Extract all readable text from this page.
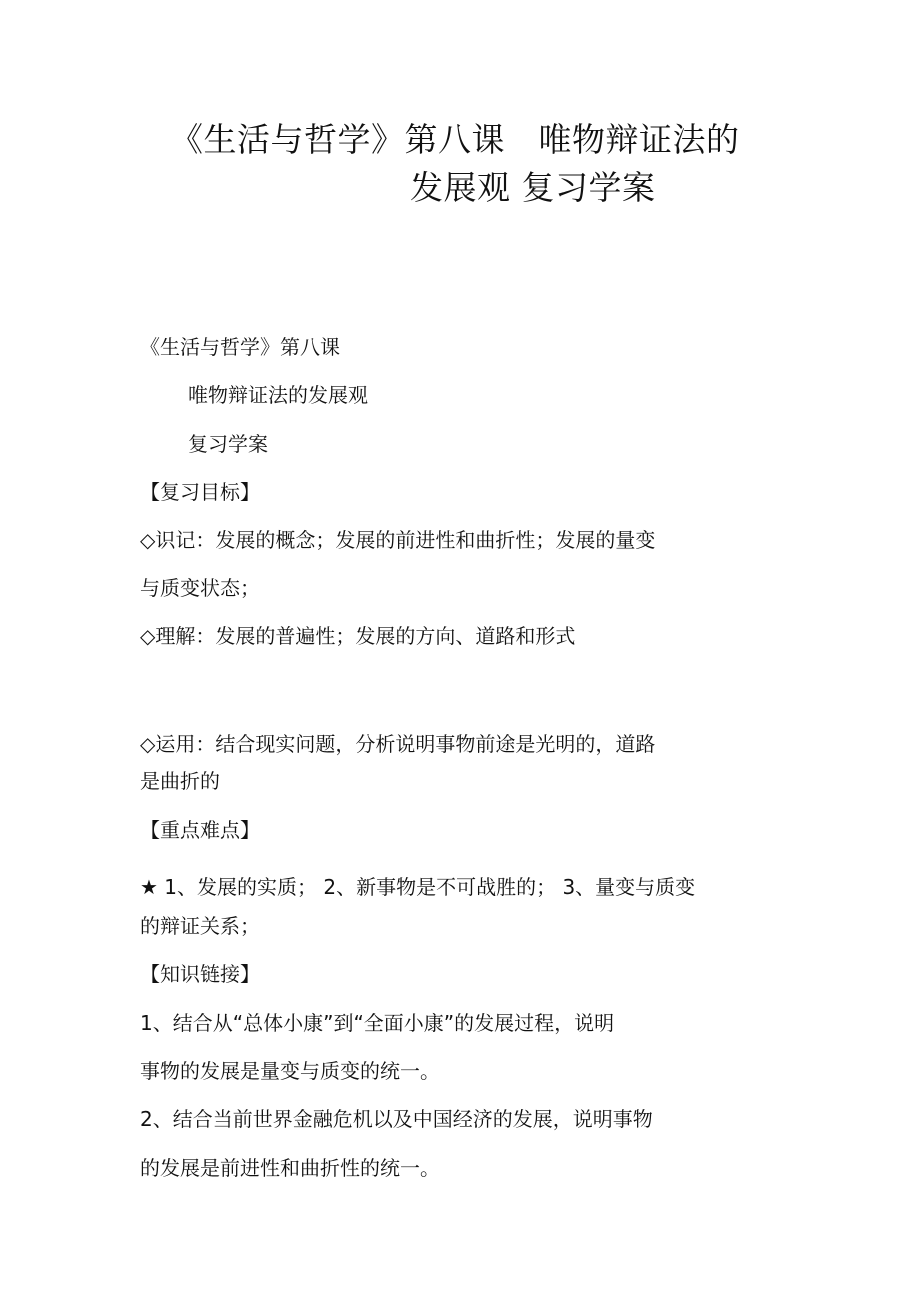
《生活与哲学》第八课　唯物辩证法的
发展观 复习学案
《生活与哲学》第八课
唯物辩证法的发展观
复习学案
【复习目标】
◇识记：发展的概念；发展的前进性和曲折性；发展的量变
与质变状态；
◇理解：发展的普遍性；发展的方向、道路和形式
◇运用：结合现实问题，分析说明事物前途是光明的，道路
是曲折的
【重点难点】
★ 1、发展的实质； 2、新事物是不可战胜的； 3、量变与质变
的辩证关系；
【知识链接】
1、结合从“总体小康”到“全面小康”的发展过程，说明
事物的发展是量变与质变的统一。
2、结合当前世界金融危机以及中国经济的发展，说明事物
的发展是前进性和曲折性的统一。
